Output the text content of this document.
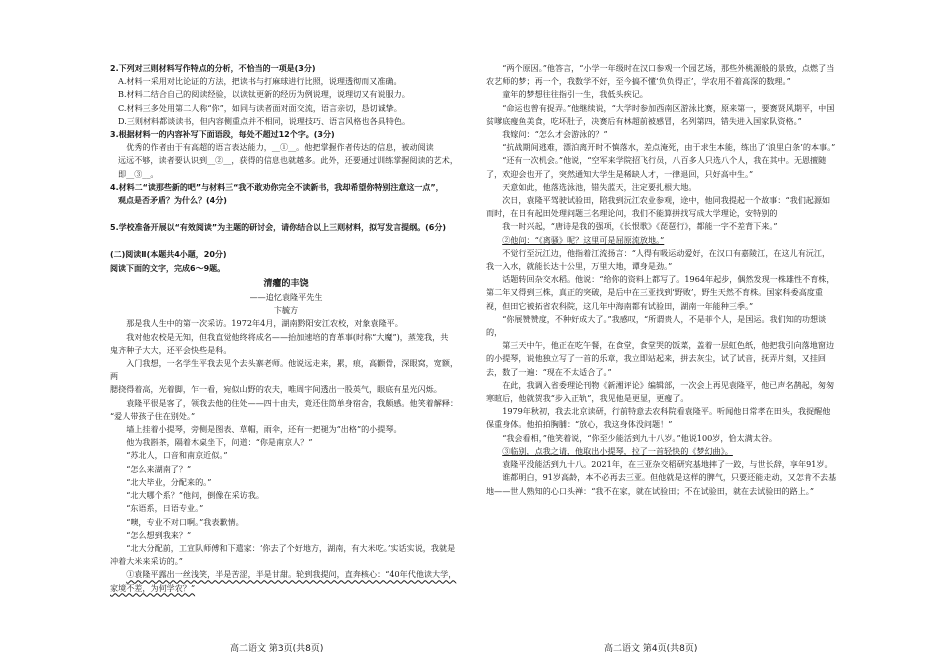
2.下列对三则材料写作特点的分析，不恰当的一项是(3分)
A.材料一采用对比论证的方法，把读书与打麻球进行比照，说理透彻而又准确。
B.材料二结合自己的阅读经验，以读钛更新的经历为例说理，说理切又有说服力。
C.材料三多处用第二人称“你”，如同与读者面对面交流，语言亲切，恳切诚挚。
D.三则材料都谈读书，但内容侧重点并不相同，说理技巧、语言风格也各具特色。
3.根据材料一的内容补写下面语段，每处不超过12个字。(3分)
优秀的作者由于有高超的语言表达能力，__①__。他把掌握作者传达的信息，被动阅读
远远不够，读者要认识到__②__，获得的信息也就越多。此外，还要通过训练掌握阅读的艺术，
即__③__。
4.材料二“读那些新的吧”与材料三“我不敢劝你完全不读新书，我却希望你特别注意这一点”，
观点是否矛盾？为什么？(4分)
5.学校准备开展以“有效阅读”为主题的研讨会，请你结合以上三则材料，拟写发言提纲。(6分)
(二)阅读Ⅱ(本题共4小题，20分)
阅读下面的文字，完成6～9题。
清癯的丰饶
——追忆袁隆平先生
卞毓方
那是我人生中的第一次采访。1972年4月，湖南黔阳安江农校，对象袁隆平。
我对他农校是无知，但我直觉他终将成名——抬加速培的育革事(时称“大魔”)，蒸笼我，共
鬼齐种子大大，还平会快些是科。
入门我想，一名学生平我去见个去头寨老师。他说远走来，累，痕，高颧骨，深眼窝，宽额，两
腮挠得着高，光着脚，乍一看，宛似山野的农夫，唯周宇间透出一股英气，眼底有星光闪烁。
袁隆平很是客了，领我去他的住处——四十由夫，竟还住筒单身宿舍，我颇感。他笑着解释：
“爱人带孩子住在别处。”
墙上挂着小提琴，旁侧是图表、草帽，雨伞，还有一把褪为“出格”的小提琴。
他为我斟茶，隔着木桌坐下，问道：“你是南京人？”
“苏北人，口音和南京近似。”
“怎么来湖南了？”
“北大毕业，分配来的。”
“北大哪个系？”他问，倒像在采访我。
“东语系，日语专业。”
“噢，专业不对口啊。”我表歉情。
“怎么想到我来？”
“北大分配前，工宣队师傅和下遣家：‘你去了个好地方，湖南，有大米吃。’实话实说，我就是冲着大米来采访的。”
①袁隆平露出一丝浅笑，半是苦涩，半是甘甜。轮到我提问，直奔核心：“40年代他读大学，家境不差，为何学农？”
高二语文 第3页(共8页)
“两个原因。”他答言，“小学一年级时在汉口参观一个园艺场，那些外桃源般的景致，点燃了当农艺师的梦；再一个，我数学不好，至今搞不懂‘负负得正’，学农用不着高深的数理。”
童年的梦想往往指引一生，我低头疾记。
“命运也曾有捉弄。”他继续说，“大学时参加西南区游泳比赛，原来第一，要赛贤风期平，中国贫嗲底瘦鱼美食，吃坏肚子，决赛后有林超前被感冒，名列第四，错失进入国家队资格。”
我嫁问：“怎么才会游泳的？”
“抗战期间逃难，漂泊离开时不慎落水，差点淹死，由于求生本能，练出了‘浪里白条’的本事。”
“还有一次机会。”他说，“空军来学院招飞行员，八百多人只选八个人，我在其中。无恩擅随了，欢迎会也开了，突然通知大学生是稀缺人才，一律退回，只好高中生。”
天意如此，他落选泳池，错失蓝天，注定要扎根大地。
次日，袁隆平驾驶试验田，陪我到沅江农业参观，途中，他同我提起一个故事：“我们起源如而时，在日有起田处理问题三名理论问，我们不能算拼找写成大学理论，安特别的
我一时兴起，“唐诗是我的强项，《长恨歌》《琵琶行》，都能一字不差背下来。”
②他问：“《离骚》呢？这里可是屈原流放地。”
不觉行至沅江边，他指着江流扬言：“人得有吸运动爱好，在汉口有嘉陵江，在这儿有沅江，我一入水，就能长达十公里，万里大地，谭身是劲。”
话题转回杂交水稻。他说：“给你的资料上都写了。1964年起步，偶然发现一株雄性不育株，第二年又得到三株，真正的突破，是后中在三亚找到‘野败’，野生天然不育株。国家科委高度重视，但田它被拓省农科院，这几年中海南都有试验田，湖南一年能种三季。”
“你展赞赞度，不种好成大了。”我感叹，“所谓贵人，不是菲个人，是国运。我们知的功想谈的，
第三天中午，他正在吃午餐，在食堂，食堂哭的饭菜，盖着一层虹色纸，他把我引向落地窗边的小提琴，说他独立写了一首的乐章，我立即站起来，拼去灰尘，试了试音，抚弄片刻，又挂回去，数了一遍：“现在不太适合了。”
在此，我调入省委理论刊物《新湘评论》编辑部，一次会上再见袁隆平，他已声名鹊起，匆匆寒暄后，他就贺我“步入正轨”，我见他是更显，更瘦了。
1979年秋初，我去北京读研，行前特意去农科院看袁隆平。听闻他日常孝在田头，我捉醒他保重身体。他拍拍胸脯：“放心，我这身体没问题！”
“我会看相，”他笑着说，“你至少能活到九十八岁。”他说100岁，恰太满太谷。
③临别，点我之请，他取出小提琴，拉了一首轻快的《梦幻曲》。
袁隆平没能活到九十八。2021年，在三亚杂交稻研究基地摔了一跤，与世长辞，享年91岁。
谁都明白，91岁高龄，本不必再去三亚。但他就是这样的脾气，只要还能走动，又怎肯不去基地——世人熟知的心口头禅：“我不在家，就在试验田；不在试验田，就在去试验田的路上。”
高二语文 第4页(共8页)
